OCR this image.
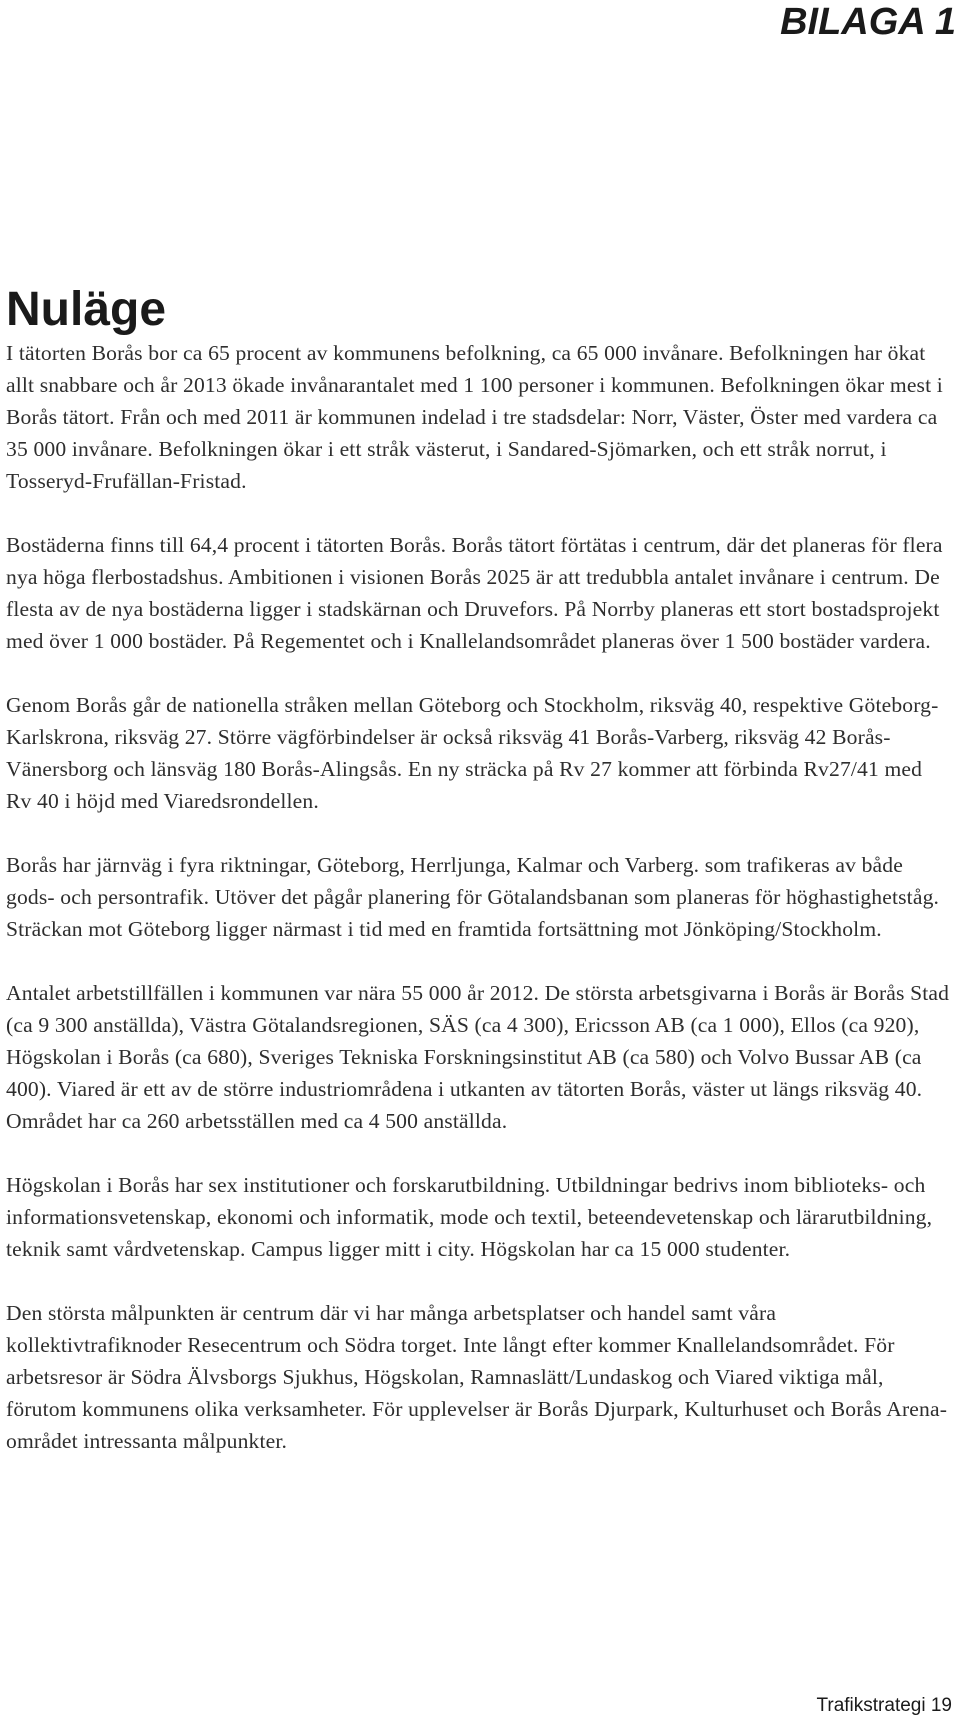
BILAGA 1
Nuläge

I tätorten Borås bor ca 65 procent av kommunens befolkning, ca 65 000 invånare. Befolkningen har ökat allt snabbare och år 2013 ökade invånarantalet med 1 100 personer i kommunen. Befolkningen ökar mest i Borås tätort. Från och med 2011 är kommunen indelad i tre stadsdelar: Norr, Väster, Öster med vardera ca 35 000 invånare. Befolkningen ökar i ett stråk västerut, i Sandared-Sjömarken, och ett stråk norrut, i Tosseryd-Frufällan-Fristad.

Bostäderna finns till 64,4 procent i tätorten Borås. Borås tätort förtätas i centrum, där det planeras för flera nya höga flerbostadshus. Ambitionen i visionen Borås 2025 är att tredubbla antalet invånare i centrum. De flesta av de nya bostäderna ligger i stadskärnan och Druvefors. På Norrby planeras ett stort bostadsprojekt med över 1 000 bostäder. På Regementet och i Knallelandsområdet planeras över 1 500 bostäder vardera.

Genom Borås går de nationella stråken mellan Göteborg och Stockholm, riksväg 40, respektive Göteborg-Karlskrona, riksväg 27. Större vägförbindelser är också riksväg 41 Borås-Varberg, riksväg 42 Borås-Vänersborg och länsväg 180 Borås-Alingsås. En ny sträcka på Rv 27 kommer att förbinda Rv27/41 med Rv 40 i höjd med Viaredsrondellen.

Borås har järnväg i fyra riktningar, Göteborg, Herrljunga, Kalmar och Varberg. som trafikeras av både gods- och persontrafik. Utöver det pågår planering för Götalandsbanan som planeras för höghastighetståg. Sträckan mot Göteborg ligger närmast i tid med en framtida fortsättning mot Jönköping/Stockholm.

Antalet arbetstillfällen i kommunen var nära 55 000 år 2012. De största arbetsgivarna i Borås är Borås Stad (ca 9 300 anställda), Västra Götalandsregionen, SÄS (ca 4 300), Ericsson AB (ca 1 000), Ellos (ca 920), Högskolan i Borås (ca 680), Sveriges Tekniska Forskningsinstitut AB (ca 580) och Volvo Bussar AB (ca 400). Viared är ett av de större industriområdena i utkanten av tätorten Borås, väster ut längs riksväg 40. Området har ca 260 arbetsställen med ca 4 500 anställda.

Högskolan i Borås har sex institutioner och forskarutbildning. Utbildningar bedrivs inom biblioteks- och informationsvetenskap, ekonomi och informatik, mode och textil, beteendevetenskap och lärarutbildning, teknik samt vårdvetenskap. Campus ligger mitt i city. Högskolan har ca 15 000 studenter.

Den största målpunkten är centrum där vi har många arbetsplatser och handel samt våra kollektivtrafiknoder Resecentrum och Södra torget. Inte långt efter kommer Knallelandsområdet. För arbetsresor är Södra Älvsborgs Sjukhus, Högskolan, Ramnaslätt/Lundaskog och Viared viktiga mål, förutom kommunens olika verksamheter. För upplevelser är Borås Djurpark, Kulturhuset och Borås Arena-området intressanta målpunkter.

Trafikstrategi 19
